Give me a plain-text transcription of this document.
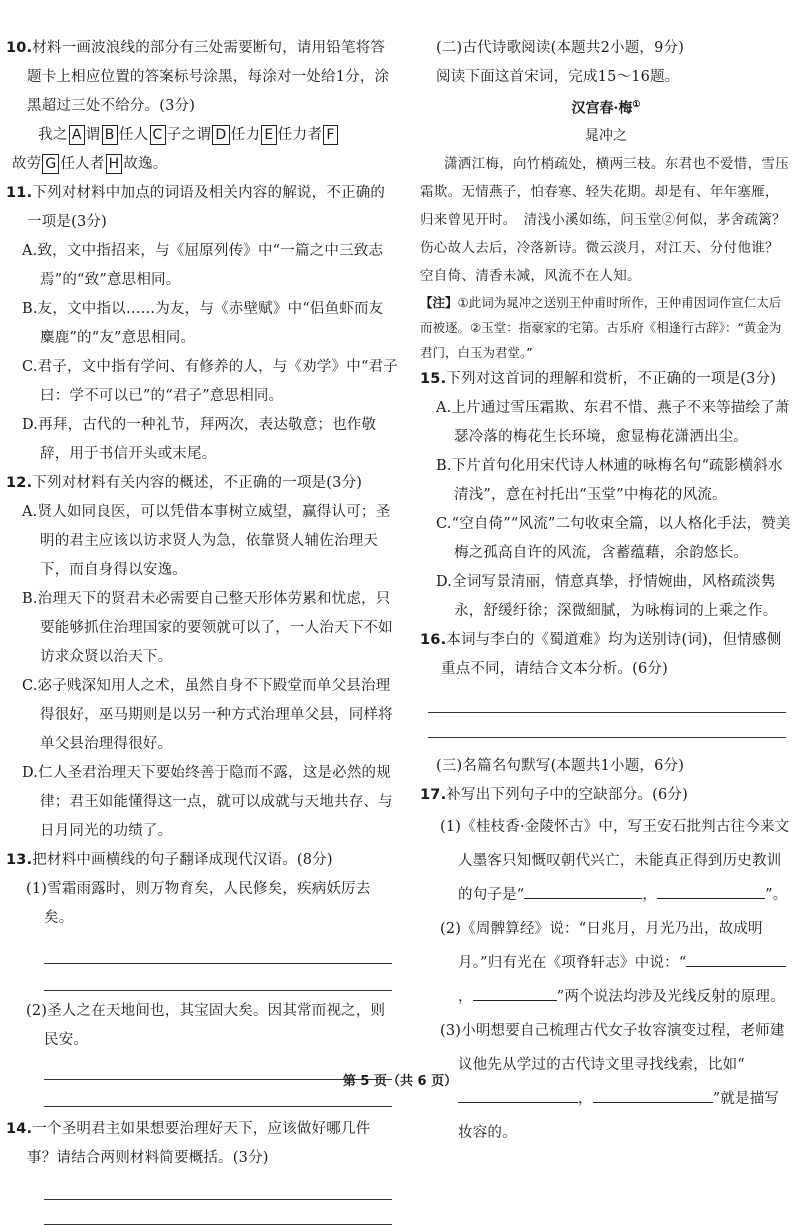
10.材料一画波浪线的部分有三处需要断句，请用铅笔将答题卡上相应位置的答案标号涂黑，每涂对一处给1分，涂黑超过三处不给分。(3分)

我之 A 谓 B 任人 C 子之谓 D 任力 E 任力者 F

故劳 G 任人者 H 故逸。

11.下列对材料中加点的词语及相关内容的解说，不正确的一项是(3分)

A.致，文中指招来，与《屈原列传》中“一篇之中三致志焉”的“致”意思相同。

B.友，文中指以……为友，与《赤壁赋》中“侣鱼虾而友麋鹿”的“友”意思相同。

C.君子，文中指有学问、有修养的人，与《劝学》中“君子曰：学不可以已”的“君子”意思相同。

D.再拜，古代的一种礼节，拜两次，表达敬意；也作敬辞，用于书信开头或末尾。

12.下列对材料有关内容的概述，不正确的一项是(3分)

A.贤人如同良医，可以凭借本事树立威望，赢得认可；圣明的君主应该以访求贤人为急，依靠贤人辅佐治理天下，而自身得以安逸。

B.治理天下的贤君未必需要自己整天形体劳累和忧虑，只要能够抓住治理国家的要领就可以了，一人治天下不如访求众贤以治天下。

C.宓子贱深知用人之术，虽然自身不下殿堂而单父县治理得很好，巫马期则是以另一种方式治理单父县，同样将单父县治理得很好。

D.仁人圣君治理天下要始终善于隐而不露，这是必然的规律；君王如能懂得这一点，就可以成就与天地共存、与日月同光的功绩了。

13.把材料中画横线的句子翻译成现代汉语。(8分)

(1)雪霜雨露时，则万物育矣，人民修矣，疾病妖厉去矣。

(2)圣人之在天地间也，其宝固大矣。因其常而视之，则民安。

14.一个圣明君主如果想要治理好天下，应该做好哪几件事？请结合两则材料简要概括。(3分)

(二)古代诗歌阅读(本题共2小题，9分)

阅读下面这首宋词，完成15～16题。

汉宫春·梅①

晁冲之

潇洒江梅，向竹梢疏处，横两三枝。东君也不爱惜，雪压霜欺。无情燕子，怕春寒、轻失花期。却是有、年年塞雁，归来曾见开时。　清浅小溪如练，问玉堂②何似，茅舍疏篱？伤心故人去后，冷落新诗。微云淡月，对江天、分付他谁？空自倚、清香未减，风流不在人知。

【注】①此词为晁冲之送别王仲甫时所作，王仲甫因词作宣仁太后而被逐。②玉堂：指豪家的宅第。古乐府《相逢行古辞》：“黄金为君门，白玉为君堂。”

15.下列对这首词的理解和赏析，不正确的一项是(3分)

A.上片通过雪压霜欺、东君不惜、燕子不来等描绘了萧瑟冷落的梅花生长环境，愈显梅花潇洒出尘。

B.下片首句化用宋代诗人林逋的咏梅名句“疏影横斜水清浅”，意在衬托出“玉堂”中梅花的风流。

C.“空自倚”“风流”二句收束全篇，以人格化手法，赞美梅之孤高自许的风流，含蓄蕴藉，余韵悠长。

D.全词写景清丽，情意真挚，抒情婉曲，风格疏淡隽永，舒缓纡徐；深微細腻，为咏梅词的上乘之作。

16.本词与李白的《蜀道难》均为送别诗(词)，但情感侧重点不同，请结合文本分析。(6分)

(三)名篇名句默写(本题共1小题，6分)

17.补写出下列句子中的空缺部分。(6分)

(1)《桂枝香·金陵怀古》中，写王安石批判古往今来文人墨客只知慨叹朝代兴亡，未能真正得到历史教训的句子是“	，	”。

(2)《周髀算经》说：“日兆月，月光乃出，故成明月。”归有光在《项脊轩志》中说：“，	”两个说法均涉及光线反射的原理。

(3)小明想要自己梳理古代女子妆容演变过程，老师建议他先从学过的古代诗文里寻找线索，比如“，	”就是描写妆容的。

第 5 页（共 6 页）
